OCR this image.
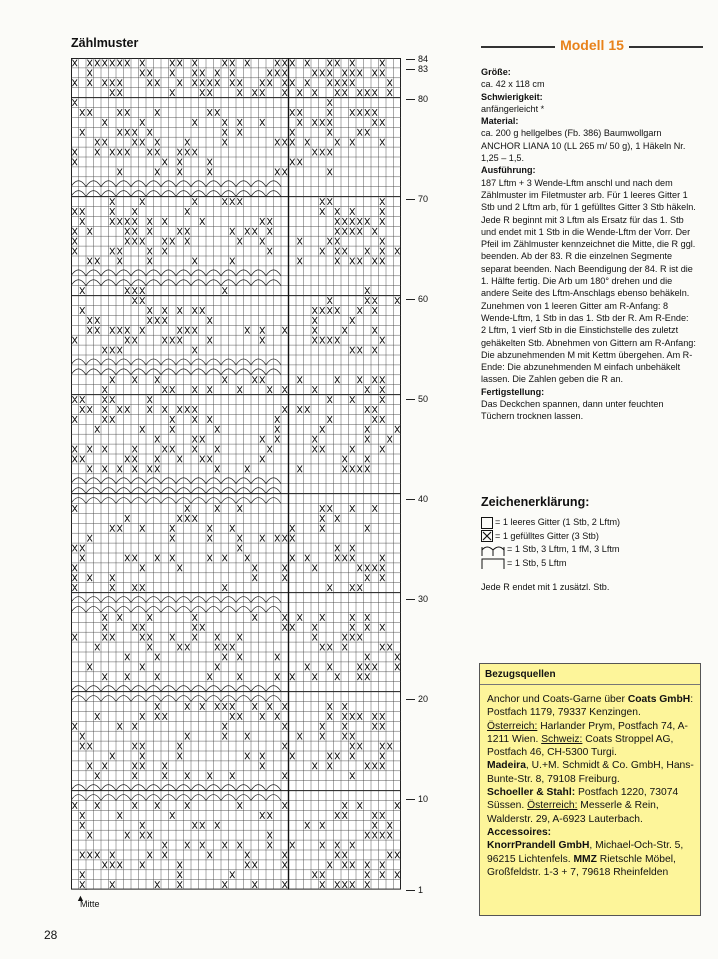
Zählmuster
84
83
80
70
60
50
40
30
20
10
1
▲
Mitte
28
Modell 15
Größe:
ca. 42 x 118 cm
Schwierigkeit:
anfängerleicht *
Material:
ca. 200 g hellgelbes (Fb. 386) Baumwollgarn ANCHOR LIANA 10 (LL 265 m/ 50 g), 1 Häkeln Nr. 1,25 – 1,5.
Ausführung:
187 Lftm + 3 Wende-Lftm anschl und nach dem Zählmuster im Filetmuster arb. Für 1 leeres Gitter 1 Stb und 2 Lftm arb, für 1 gefülltes Gitter 3 Stb häkeln. Jede R beginnt mit 3 Lftm als Ersatz für das 1. Stb und endet mit 1 Stb in die Wende-Lftm der Vorr. Der Pfeil im Zählmuster kennzeichnet die Mitte, die R ggl. beenden. Ab der 83. R die einzelnen Segmente separat beenden. Nach Beendigung der 84. R ist die 1. Hälfte fertig. Die Arb um 180° drehen und die andere Seite des Lftm-Anschlags ebenso behäkeln. Zunehmen von 1 leeren Gitter am R-Anfang: 8 Wende-Lftm, 1 Stb in das 1. Stb der R. Am R-Ende: 2 Lftm, 1 vierf Stb in die Einstichstelle des zuletzt gehäkelten Stb. Abnehmen von Gittern am R-Anfang: Die abzunehmenden M mit Kettm übergehen. Am R-Ende: Die abzunehmenden M einfach unbehäkelt lassen. Die Zahlen geben die R an.
Fertigstellung:
Das Deckchen spannen, dann unter feuchten Tüchern trocknen lassen.
Zeichenerklärung:
= 1 leeres Gitter (1 Stb, 2 Lftm)
= 1 gefülltes Gitter (3 Stb)
= 1 Stb, 3 Lftm, 1 fM, 3 Lftm
= 1 Stb, 5 Lftm
Jede R endet mit 1 zusätzl. Stb.
Bezugsquellen
Anchor und Coats-Garne über Coats GmbH: Postfach 1179, 79337 Kenzingen. Österreich: Harlander Prym, Postfach 74, A-1211 Wien. Schweiz: Coats Stroppel AG, Postfach 46, CH-5300 Turgi.
Madeira, U.+M. Schmidt & Co. GmbH, Hans-Bunte-Str. 8, 79108 Freiburg.
Schoeller & Stahl: Postfach 1220, 73074 Süssen. Österreich: Messerle & Rein, Walderstr. 29, A-6923 Lauterbach.
Accessoires:
KnorrPrandell GmbH, Michael-Och-Str. 5, 96215 Lichtenfels. MMZ Rietschle Möbel, Großfeldstr. 1-3 + 7, 79618 Rheinfelden
